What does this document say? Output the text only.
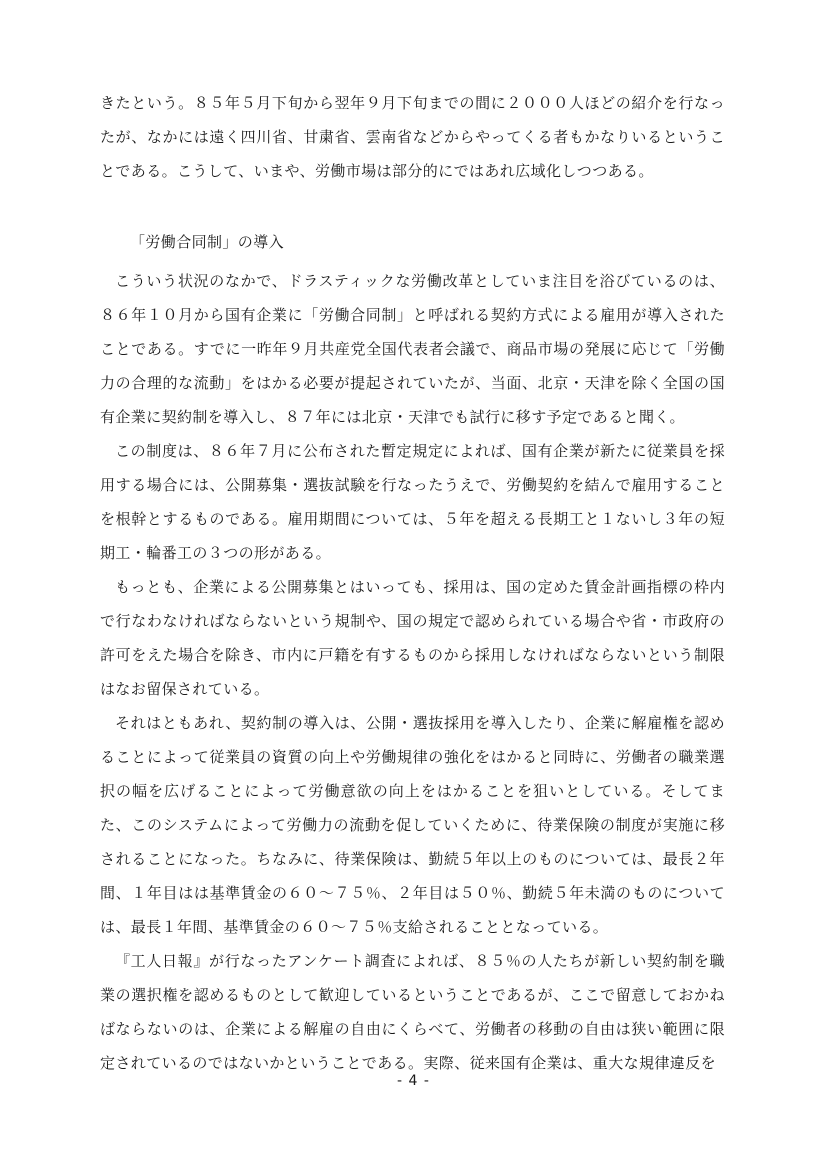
きたという。８５年５月下旬から翌年９月下旬までの間に２０００人ほどの紹介を行なったが、なかには遠く四川省、甘粛省、雲南省などからやってくる者もかなりいるということである。こうして、いまや、労働市場は部分的にではあれ広域化しつつある。

「労働合同制」の導入

こういう状況のなかで、ドラスティックな労働改革としていま注目を浴びているのは、８６年１０月から国有企業に「労働合同制」と呼ばれる契約方式による雇用が導入されたことである。すでに一昨年９月共産党全国代表者会議で、商品市場の発展に応じて「労働力の合理的な流動」をはかる必要が提起されていたが、当面、北京・天津を除く全国の国有企業に契約制を導入し、８７年には北京・天津でも試行に移す予定であると聞く。

この制度は、８６年７月に公布された暫定規定によれば、国有企業が新たに従業員を採用する場合には、公開募集・選抜試験を行なったうえで、労働契約を結んで雇用することを根幹とするものである。雇用期間については、５年を超える長期工と１ないし３年の短期工・輪番工の３つの形がある。

もっとも、企業による公開募集とはいっても、採用は、国の定めた賃金計画指標の枠内で行なわなければならないという規制や、国の規定で認められている場合や省・市政府の許可をえた場合を除き、市内に戸籍を有するものから採用しなければならないという制限はなお留保されている。

それはともあれ、契約制の導入は、公開・選抜採用を導入したり、企業に解雇権を認めることによって従業員の資質の向上や労働規律の強化をはかると同時に、労働者の職業選択の幅を広げることによって労働意欲の向上をはかることを狙いとしている。そしてまた、このシステムによって労働力の流動を促していくために、待業保険の制度が実施に移されることになった。ちなみに、待業保険は、勤続５年以上のものについては、最長２年間、１年目はは基準賃金の６０～７５％、２年目は５０％、勤続５年未満のものについては、最長１年間、基準賃金の６０～７５％支給されることとなっている。

『工人日報』が行なったアンケート調査によれば、８５％の人たちが新しい契約制を職業の選択権を認めるものとして歓迎しているということであるが、ここで留意しておかねばならないのは、企業による解雇の自由にくらべて、労働者の移動の自由は狭い範囲に限定されているのではないかということである。実際、従来国有企業は、重大な規律違反を

- 4 -
